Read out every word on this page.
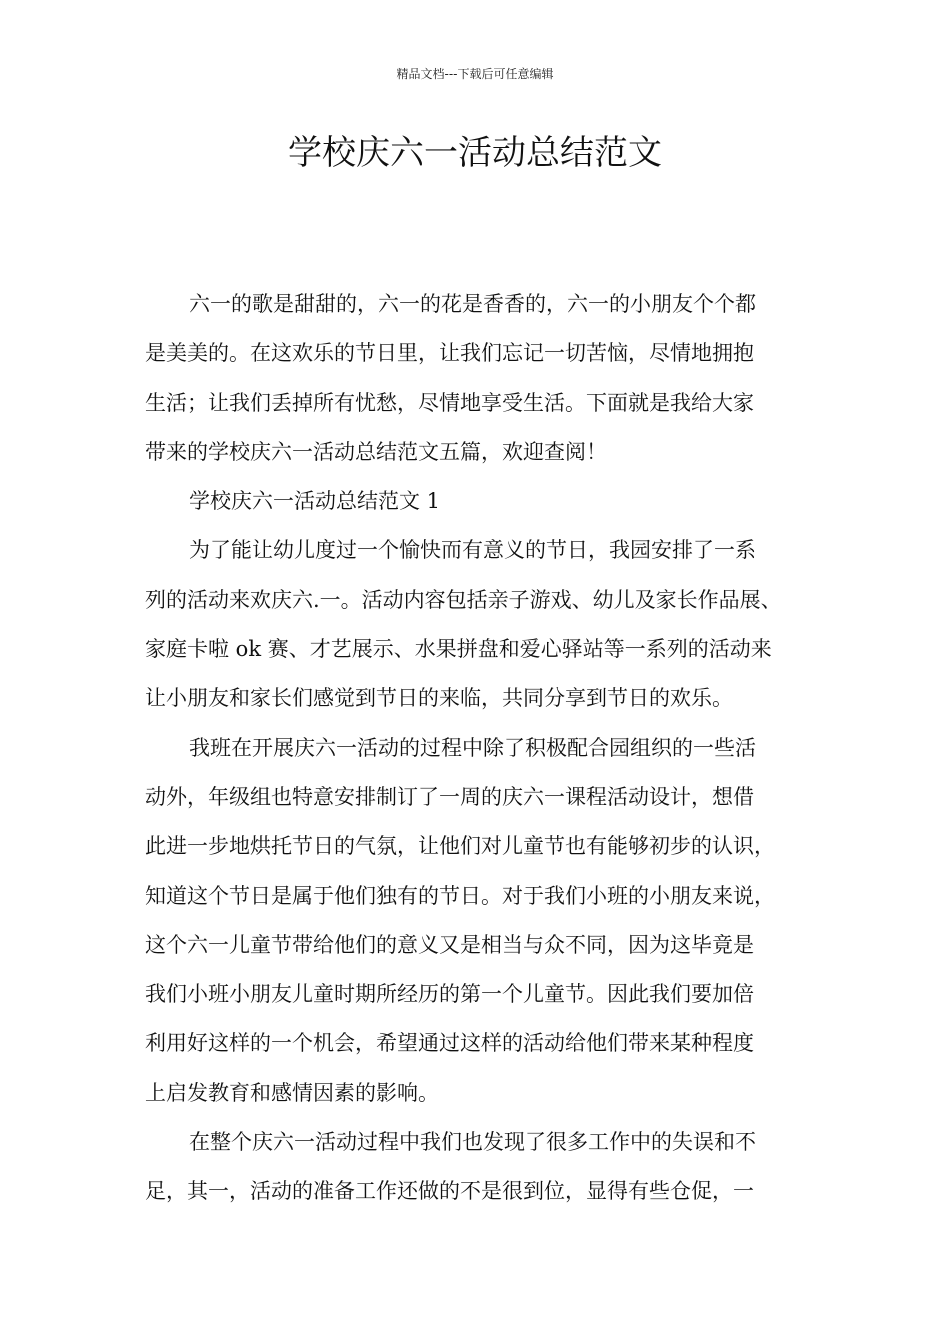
精品文档---下载后可任意编辑
学校庆六一活动总结范文
六一的歌是甜甜的，六一的花是香香的，六一的小朋友个个都
是美美的。在这欢乐的节日里，让我们忘记一切苦恼，尽情地拥抱
生活；让我们丢掉所有忧愁，尽情地享受生活。下面就是我给大家
带来的学校庆六一活动总结范文五篇，欢迎查阅！
学校庆六一活动总结范文 1
为了能让幼儿度过一个愉快而有意义的节日，我园安排了一系
列的活动来欢庆六.一。活动内容包括亲子游戏、幼儿及家长作品展、
家庭卡啦 ok 赛、才艺展示、水果拼盘和爱心驿站等一系列的活动来
让小朋友和家长们感觉到节日的来临，共同分享到节日的欢乐。
我班在开展庆六一活动的过程中除了积极配合园组织的一些活
动外，年级组也特意安排制订了一周的庆六一课程活动设计，想借
此进一步地烘托节日的气氛，让他们对儿童节也有能够初步的认识，
知道这个节日是属于他们独有的节日。对于我们小班的小朋友来说，
这个六一儿童节带给他们的意义又是相当与众不同，因为这毕竟是
我们小班小朋友儿童时期所经历的第一个儿童节。因此我们要加倍
利用好这样的一个机会，希望通过这样的活动给他们带来某种程度
上启发教育和感情因素的影响。
在整个庆六一活动过程中我们也发现了很多工作中的失误和不
足，其一，活动的准备工作还做的不是很到位，显得有些仓促，一
